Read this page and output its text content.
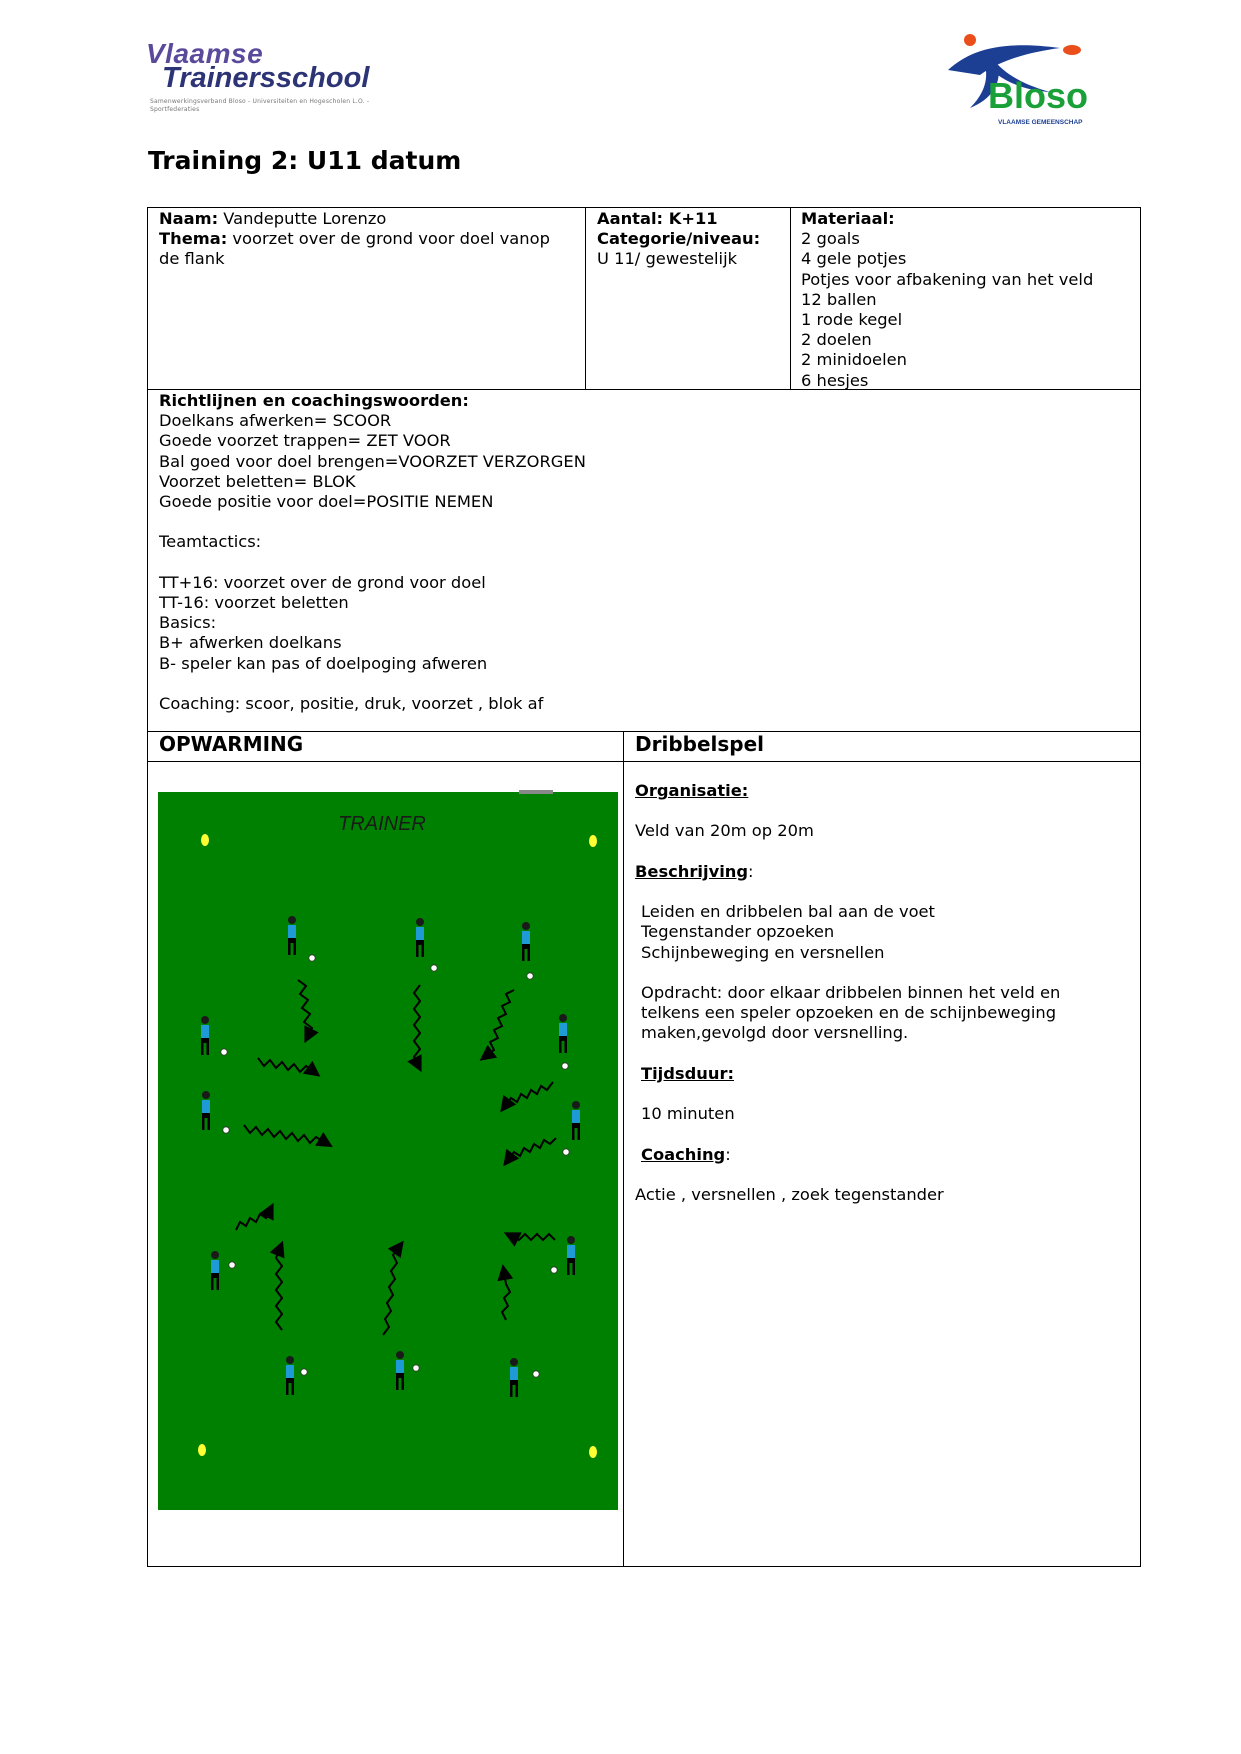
Vlaamse
Trainersschool
Samenwerkingsverband Bloso - Universiteiten en Hogescholen L.O. - Sportfederaties	Bloso
VLAAMSE GEMEENSCHAP
Training 2: U11 datum

Naam: Vandeputte Lorenzo

Thema: voorzet over de grond voor doel vanop

de flank

Aantal: K+11

Categorie/niveau:

U 11/ gewestelijk

Materiaal:

2 goals

4 gele potjes

Potjes voor afbakening van het veld

12 ballen

1 rode kegel

2 doelen

2 minidoelen

6 hesjes

Richtlijnen en coachingswoorden:

Doelkans afwerken= SCOOR

Goede voorzet trappen= ZET VOOR

Bal goed voor doel brengen=VOORZET VERZORGEN

Voorzet beletten= BLOK

Goede positie voor doel=POSITIE NEMEN

Teamtactics:

TT+16: voorzet over de grond voor doel

TT-16: voorzet beletten

Basics:

B+ afwerken doelkans

B- speler kan pas of doelpoging afweren

Coaching: scoor, positie, druk, voorzet , blok af

OPWARMING	Dribbelspel
TRAINER

Organisatie:

Veld van 20m op 20m

Beschrijving:

Leiden en dribbelen bal aan de voet

Tegenstander opzoeken

Schijnbeweging en versnellen

Opdracht: door elkaar dribbelen binnen het veld en

telkens een speler opzoeken en de schijnbeweging

maken,gevolgd door versnelling.

Tijdsduur:

10 minuten

Coaching:

Actie , versnellen , zoek tegenstander
